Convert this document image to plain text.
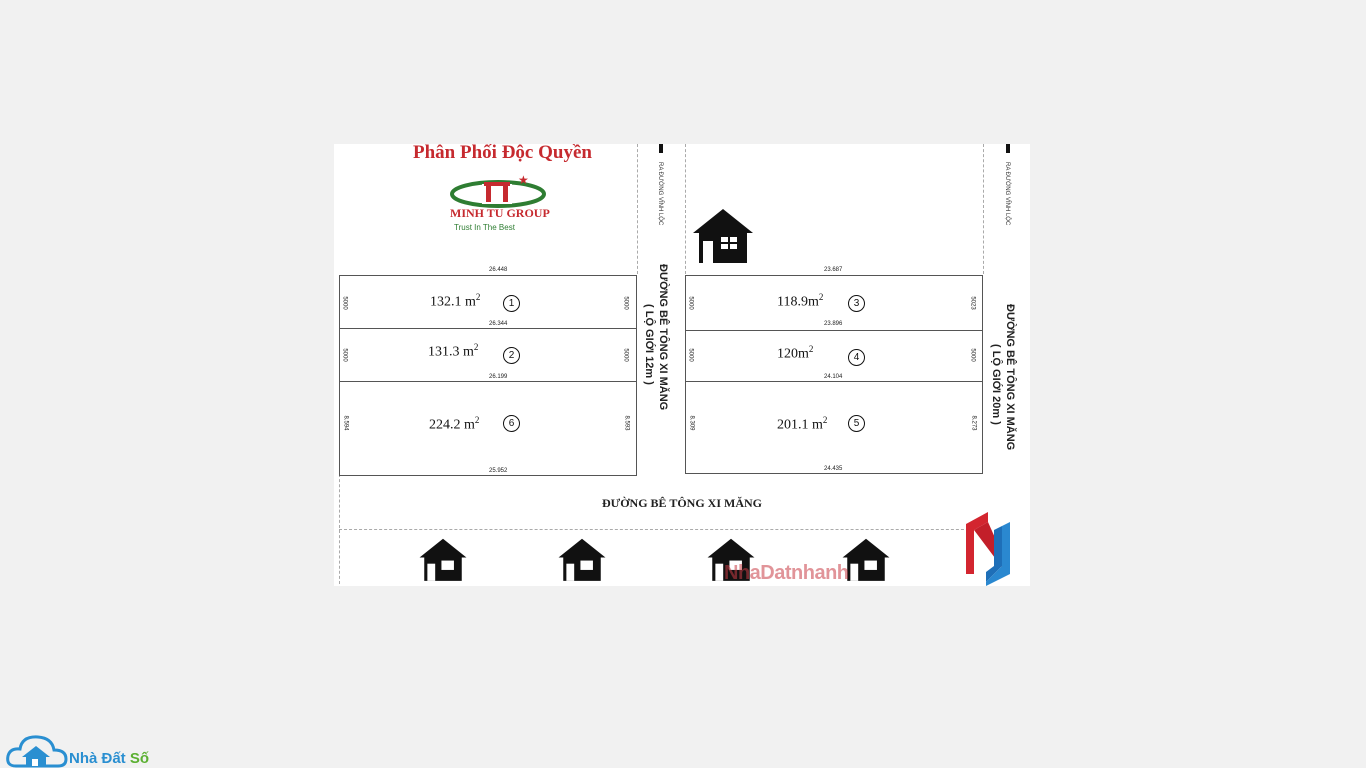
Phân Phối Độc Quyền
★
MINH TU GROUP
Trust In The Best
RA ĐƯỜNG VĨNH LỘC	RA ĐƯỜNG VĨNH LỘC
ĐƯỜNG BÊ TÔNG XI MĂNG
( LỘ GIỚI 12m )	ĐƯỜNG BÊ TÔNG XI MĂNG
( LỘ GIỚI 20m )
ĐƯỜNG BÊ TÔNG XI MĂNG
132.1 $m^2$
1
131.3 $m^2$
2
224.2 $m^2$	6
$118.9m^2$
3
$120m^2$
4
201.1 $m^2$	5
26.448
26.344
26.199
25.952
23.687
23.896
24.104
24.435
5000	5000
5000	5000
8.594	8.593
5000	5023
5000	5000
8.309	8.273
NhaDatnhanh
Nhà Đất Số
